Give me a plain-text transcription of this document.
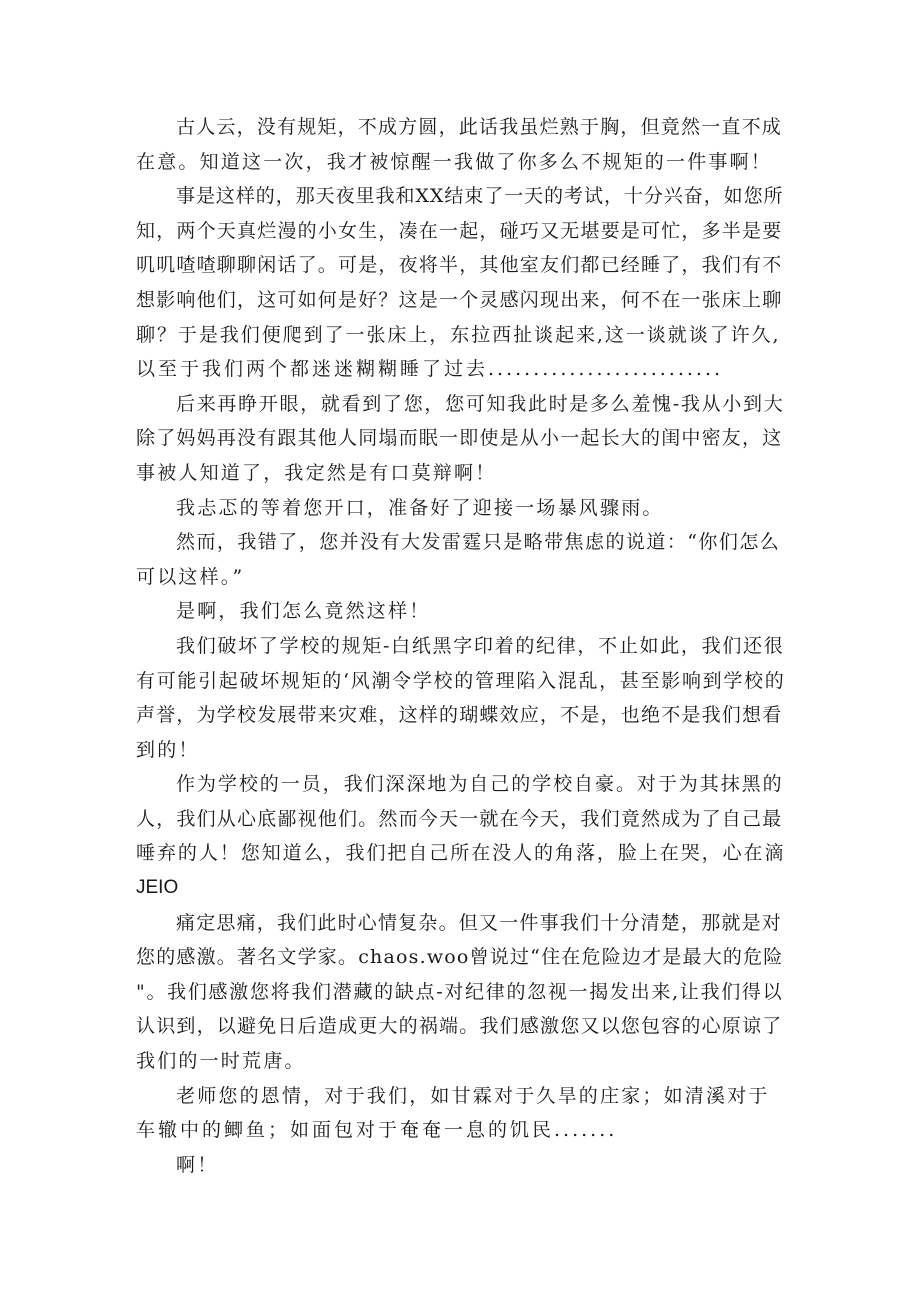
古人云，没有规矩，不成方圆，此话我虽烂熟于胸，但竟然一直不成
在意。知道这一次，我才被惊醒一我做了你多么不规矩的一件事啊！
事是这样的，那天夜里我和XX结束了一天的考试，十分兴奋，如您所
知，两个天真烂漫的小女生，凑在一起，碰巧又无堪要是可忙，多半是要
叽叽喳喳聊聊闲话了。可是，夜将半，其他室友们都已经睡了，我们有不
想影响他们，这可如何是好？这是一个灵感闪现出来，何不在一张床上聊
聊？于是我们便爬到了一张床上，东拉西扯谈起来,这一谈就谈了许久,
以至于我们两个都迷迷糊糊睡了过去..........................
后来再睁开眼，就看到了您，您可知我此时是多么羞愧-我从小到大
除了妈妈再没有跟其他人同塌而眠一即使是从小一起长大的闺中密友，这
事被人知道了，我定然是有口莫辩啊！
我忐忑的等着您开口，准备好了迎接一场暴风骤雨。
然而，我错了，您并没有大发雷霆只是略带焦虑的说道：“你们怎么
可以这样。”
是啊，我们怎么竟然这样！
我们破坏了学校的规矩-白纸黑字印着的纪律，不止如此，我们还很
有可能引起破坏规矩的‘风潮令学校的管理陷入混乱，甚至影响到学校的
声誉，为学校发展带来灾难，这样的瑚蝶效应，不是，也绝不是我们想看
到的！
作为学校的一员，我们深深地为自己的学校自豪。对于为其抹黑的
人，我们从心底鄙视他们。然而今天一就在今天，我们竟然成为了自己最
唾弃的人！您知道么，我们把自己所在没人的角落，脸上在哭，心在滴
JEIO
痛定思痛，我们此时心情复杂。但又一件事我们十分清楚，那就是对
您的感激。著名文学家。chaos.woo曾说过“住在危险边才是最大的危险
"。我们感激您将我们潜藏的缺点-对纪律的忽视一揭发出来,让我们得以
认识到，以避免日后造成更大的祸端。我们感激您又以您包容的心原谅了
我们的一时荒唐。
老师您的恩情，对于我们，如甘霖对于久旱的庄家；如清溪对于
车辙中的鲫鱼；如面包对于奄奄一息的饥民.......
啊！
